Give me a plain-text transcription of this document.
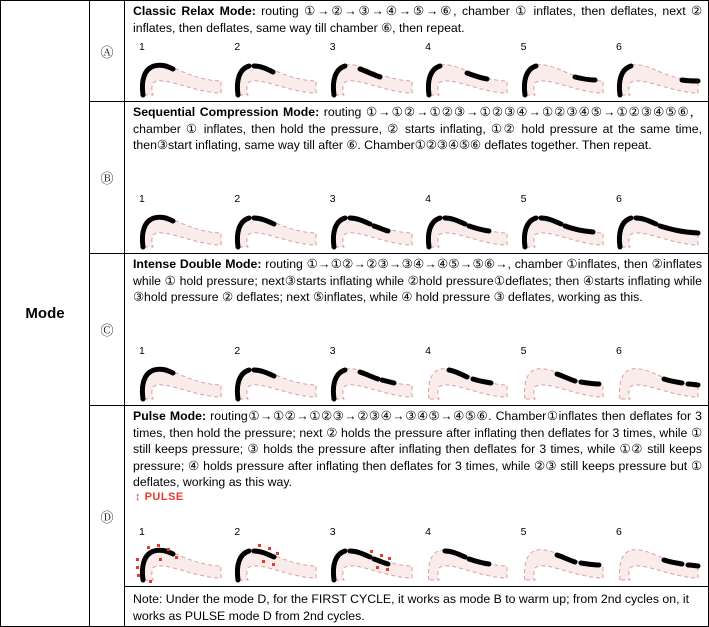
Mode
Ⓐ
Classic Relax Mode: routing ①→②→③→④→⑤→⑥, chamber ① inflates, then deflates, next ② inflates, then deflates, same way till chamber ⑥, then repeat.
1	2	3	4	5	6
Ⓑ
Sequential Compression Mode: routing ①→①②→①②③→①②③④→①②③④⑤→①②③④⑤⑥， chamber ① inflates, then hold the pressure, ② starts inflating, ①② hold pressure at the same time, then③start inflating, same way till after ⑥. Chamber①②③④⑤⑥ deflates together. Then repeat.
1	2	3	4	5	6
Ⓒ
Intense Double Mode: routing ①→①②→②③→③④→④⑤→⑤⑥→, chamber ①inflates, then ②inflates while ① hold pressure; next③starts inflating while ②hold pressure①deflates; then ④starts inflating while ③hold pressure ② deflates; next ⑤inflates, while ④ hold pressure ③ deflates, working as this.
1	2	3	4	5	6
Ⓓ
Pulse Mode: routing①→①②→①②③→②③④→③④⑤→④⑤⑥. Chamber①inflates then deflates for 3 times, then hold the pressure; next ② holds the pressure after inflating then deflates for 3 times, while ① still keeps pressure; ③ holds the pressure after inflating then deflates for 3 times, while ①② still keeps pressure; ④ holds pressure after inflating then deflates for 3 times, while ②③ still keeps pressure but ① deflates, working as this way.
↕ PULSE
1	2	3	4	5	6
Note: Under the mode D, for the FIRST CYCLE, it works as mode B to warm up; from 2nd cycles on, it works as PULSE mode D from 2nd cycles.
